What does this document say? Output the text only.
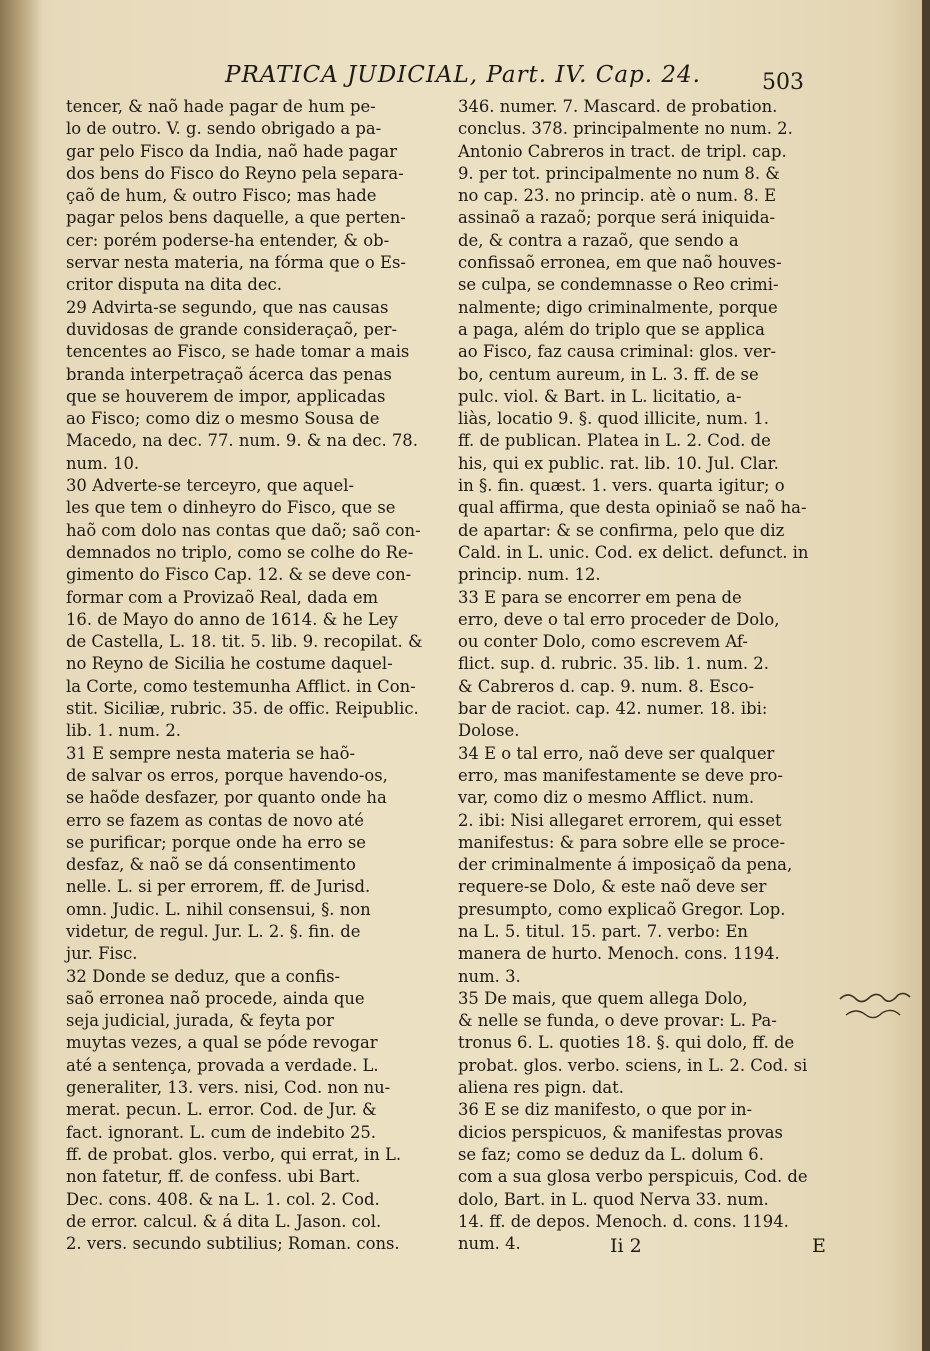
PRATICA JUDICIAL, Part. IV. Cap. 24.	503

tencer, & naõ hade pagar de hum pe-
lo de outro. V. g. sendo obrigado a pa-
gar pelo Fisco da India, naõ hade pagar
dos bens do Fisco do Reyno pela separa-
çaõ de hum, & outro Fisco; mas hade
pagar pelos bens daquelle, a que perten-
cer: porém poderse-ha entender, & ob-
servar nesta materia, na fórma que o Es-
critor disputa na dita dec.

29 Advirta-se segundo, que nas causas
duvidosas de grande consideraçaõ, per-
tencentes ao Fisco, se hade tomar a mais
branda interpetraçaõ ácerca das penas
que se houverem de impor, applicadas
ao Fisco; como diz o mesmo Sousa de
Macedo, na dec. 77. num. 9. & na dec. 78.
num. 10.

30 Adverte-se terceyro, que aquel-
les que tem o dinheyro do Fisco, que se
haõ com dolo nas contas que daõ; saõ con-
demnados no triplo, como se colhe do Re-
gimento do Fisco Cap. 12. & se deve con-
formar com a Provizaõ Real, dada em
16. de Mayo do anno de 1614. & he Ley
de Castella, L. 18. tit. 5. lib. 9. recopilat. &
no Reyno de Sicilia he costume daquel-
la Corte, como testemunha Afflict. in Con-
stit. Siciliæ, rubric. 35. de offic. Reipublic.
lib. 1. num. 2.

31 E sempre nesta materia se haõ-
de salvar os erros, porque havendo-os,
se haõde desfazer, por quanto onde ha
erro se fazem as contas de novo até
se purificar; porque onde ha erro se
desfaz, & naõ se dá consentimento
nelle. L. si per errorem, ff. de Jurisd.
omn. Judic. L. nihil consensui, §. non
videtur, de regul. Jur. L. 2. §. fin. de
jur. Fisc.

32 Donde se deduz, que a confis-
saõ erronea naõ procede, ainda que
seja judicial, jurada, & feyta por
muytas vezes, a qual se póde revogar
até a sentença, provada a verdade. L.
generaliter, 13. vers. nisi, Cod. non nu-
merat. pecun. L. error. Cod. de Jur. &
fact. ignorant. L. cum de indebito 25.
ff. de probat. glos. verbo, qui errat, in L.
non fatetur, ff. de confess. ubi Bart.
Dec. cons. 408. & na L. 1. col. 2. Cod.
de error. calcul. & á dita L. Jason. col.
2. vers. secundo subtilius; Roman. cons.

346. numer. 7. Mascard. de probation.
conclus. 378. principalmente no num. 2.
Antonio Cabreros in tract. de tripl. cap.
9. per tot. principalmente no num 8. &
no cap. 23. no princip. atè o num. 8. E
assinaõ a razaõ; porque será iniquida-
de, & contra a razaõ, que sendo a
confissaõ erronea, em que naõ houves-
se culpa, se condemnasse o Reo crimi-
nalmente; digo criminalmente, porque
a paga, além do triplo que se applica
ao Fisco, faz causa criminal: glos. ver-
bo, centum aureum, in L. 3. ff. de se
pulc. viol. & Bart. in L. licitatio, a-
liàs, locatio 9. §. quod illicite, num. 1.
ff. de publican. Platea in L. 2. Cod. de
his, qui ex public. rat. lib. 10. Jul. Clar.
in §. fin. quæst. 1. vers. quarta igitur; o
qual affirma, que desta opiniaõ se naõ ha-
de apartar: & se confirma, pelo que diz
Cald. in L. unic. Cod. ex delict. defunct. in
princip. num. 12.

33 E para se encorrer em pena de
erro, deve o tal erro proceder de Dolo,
ou conter Dolo, como escrevem Af-
flict. sup. d. rubric. 35. lib. 1. num. 2.
& Cabreros d. cap. 9. num. 8. Esco-
bar de raciot. cap. 42. numer. 18. ibi:
Dolose.

34 E o tal erro, naõ deve ser qualquer
erro, mas manifestamente se deve pro-
var, como diz o mesmo Afflict. num.
2. ibi: Nisi allegaret errorem, qui esset
manifestus: & para sobre elle se proce-
der criminalmente á imposiçaõ da pena,
requere-se Dolo, & este naõ deve ser
presumpto, como explicaõ Gregor. Lop.
na L. 5. titul. 15. part. 7. verbo: En
manera de hurto. Menoch. cons. 1194.
num. 3.

35 De mais, que quem allega Dolo,
& nelle se funda, o deve provar: L. Pa-
tronus 6. L. quoties 18. §. qui dolo, ff. de
probat. glos. verbo. sciens, in L. 2. Cod. si
aliena res pign. dat.

36 E se diz manifesto, o que por in-
dicios perspicuos, & manifestas provas
se faz; como se deduz da L. dolum 6.
com a sua glosa verbo perspicuis, Cod. de
dolo, Bart. in L. quod Nerva 33. num.
14. ff. de depos. Menoch. d. cons. 1194.
num. 4.	Ii 2	E
